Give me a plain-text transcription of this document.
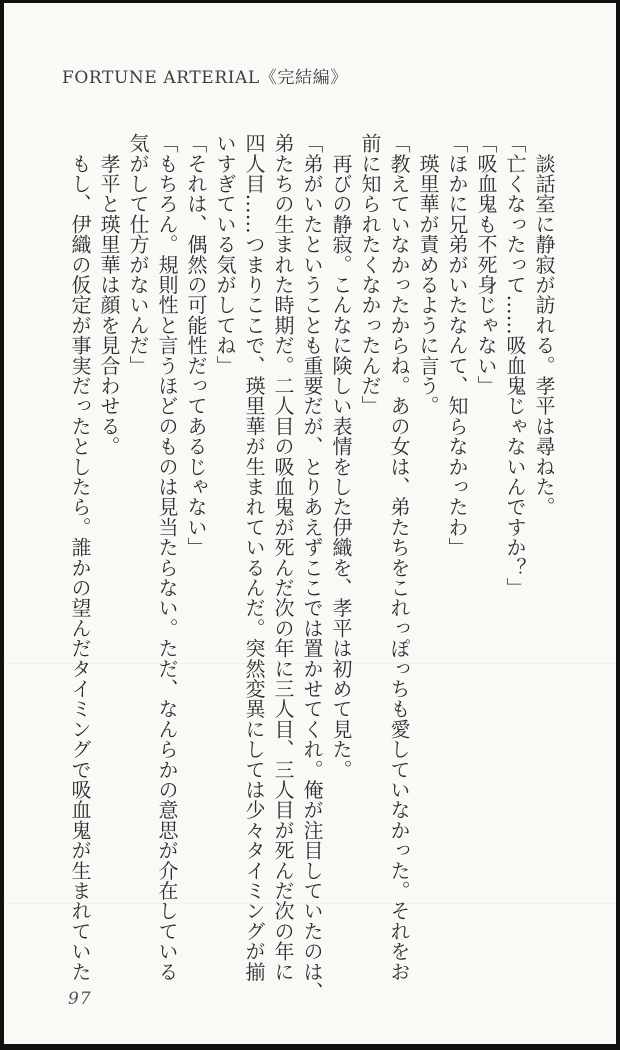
FORTUNE ARTERIAL《完結編》

　談話室に静寂が訪れる。孝平は尋ねた。

「亡くなったって……吸血鬼じゃないんですか？」

「吸血鬼も不死身じゃない」

「ほかに兄弟がいたなんて、知らなかったわ」

　瑛里華が責めるように言う。

「教えていなかったからね。あの女は、弟たちをこれっぽっちも愛していなかった。それをお
前に知られたくなかったんだ」

　再びの静寂。こんなに険しい表情をした伊織を、孝平は初めて見た。

「弟がいたということも重要だが、とりあえずここでは置かせてくれ。俺が注目していたのは、
弟たちの生まれた時期だ。二人目の吸血鬼が死んだ次の年に三人目、三人目が死んだ次の年に
四人目……つまりここで、瑛里華が生まれているんだ。突然変異にしては少々タイミングが揃
いすぎている気がしてね」

「それは、偶然の可能性だってあるじゃない」

「もちろん。規則性と言うほどのものは見当たらない。ただ、なんらかの意思が介在している
気がして仕方がないんだ」

　孝平と瑛里華は顔を見合わせる。

　もし、伊織の仮定が事実だったとしたら。誰かの望んだタイミングで吸血鬼が生まれていた

97
